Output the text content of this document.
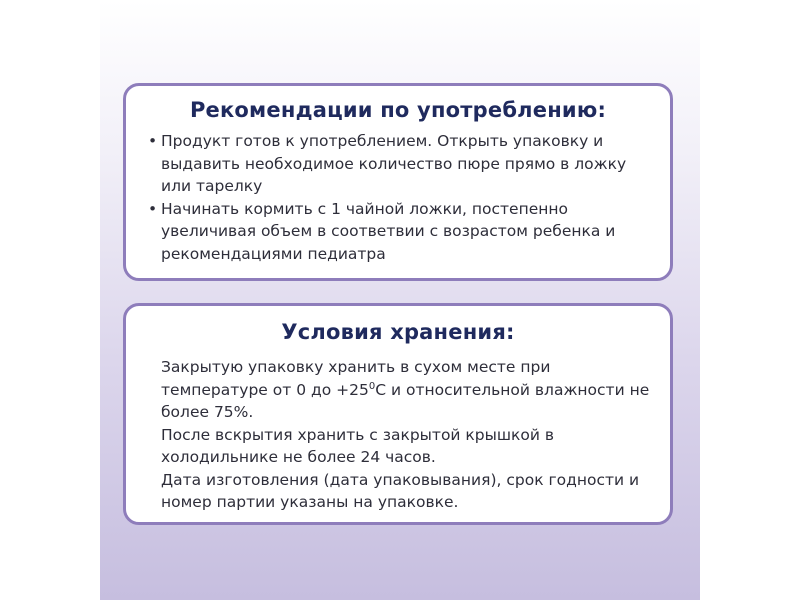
Рекомендации по употреблению:
• Продукт готов к употреблением. Открыть упаковку и выдавить необходимое количество пюре прямо в ложку или тарелку
• Начинать кормить с 1 чайной ложки, постепенно увеличивая объем в соответвии с возрастом ребенка и рекомендациями педиатра
Условия хранения:

Закрытую упаковку хранить в сухом месте при температуре от 0 до $+25^0С$ и относительной влажности не более 75%.

После вскрытия хранить с закрытой крышкой в холодильнике не более 24 часов.

Дата изготовления (дата упаковывания), срок годности и номер партии указаны на упаковке.
